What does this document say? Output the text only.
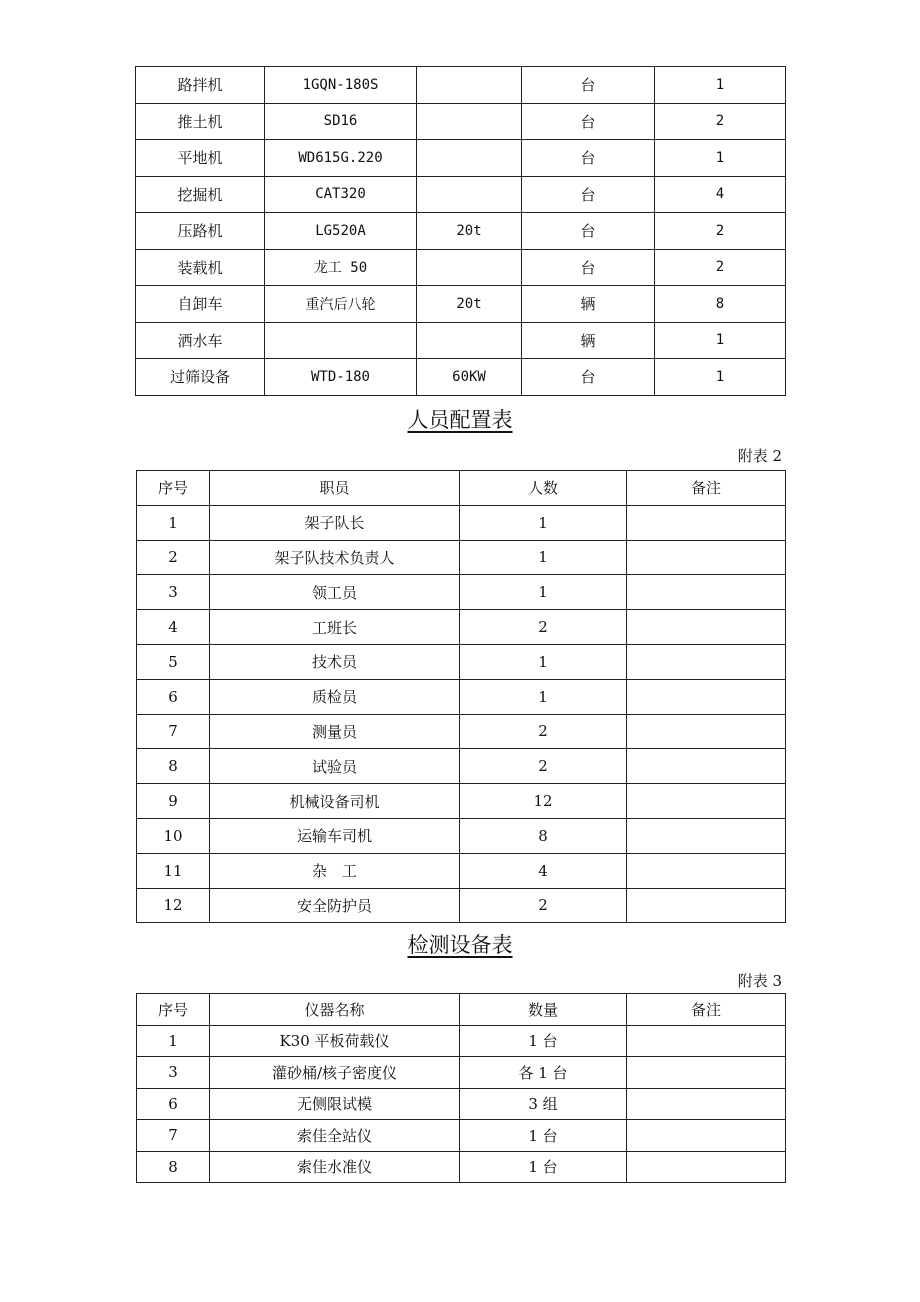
路拌机	1GQN-180S		台	1
推土机	SD16		台	2
平地机	WD615G.220		台	1
挖掘机	CAT320		台	4
压路机	LG520A	20t	台	2
装载机	龙工 50		台	2
自卸车	重汽后八轮	20t	辆	8
洒水车			辆	1
过筛设备	WTD-180	60KW	台	1
人员配置表
附表 2
序号	职员	人数	备注
1	架子队长	1	
2	架子队技术负责人	1	
3	领工员	1	
4	工班长	2	
5	技术员	1	
6	质检员	1	
7	测量员	2	
8	试验员	2	
9	机械设备司机	12	
10	运输车司机	8	
11	杂　工	4	
12	安全防护员	2	
检测设备表
附表 3
序号	仪器名称	数量	备注
1	K30 平板荷载仪	1 台	
3	灌砂桶/核子密度仪	各 1 台	
6	无侧限试模	3 组	
7	索佳全站仪	1 台	
8	索佳水准仪	1 台	
